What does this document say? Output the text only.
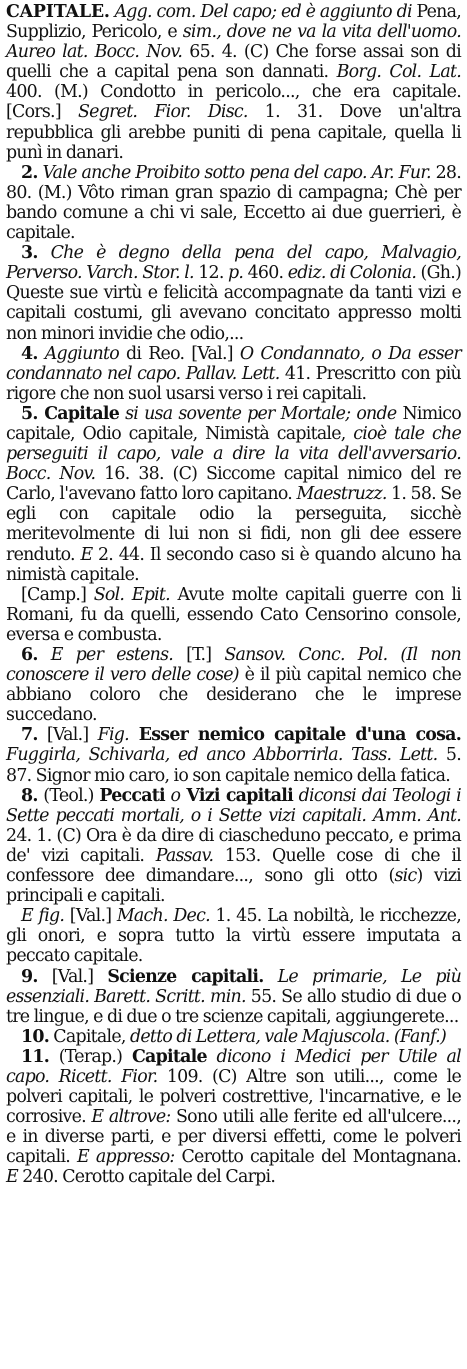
CAPITALE. Agg. com. Del capo; ed è aggiunto di Pena, Supplizio, Pericolo, e sim., dove ne va la vita dell'uomo. Aureo lat. Bocc. Nov. 65. 4. (C) Che forse assai son di quelli che a capital pena son dannati. Borg. Col. Lat. 400. (M.) Condotto in pericolo..., che era capitale. [Cors.] Segret. Fior. Disc. 1. 31. Dove un'altra repubblica gli arebbe puniti di pena capitale, quella li punì in danari.

2. Vale anche Proibito sotto pena del capo. Ar. Fur. 28. 80. (M.) Vôto riman gran spazio di campagna; Chè per bando comune a chi vi sale, Eccetto ai due guerrieri, è capitale.

3. Che è degno della pena del capo, Malvagio, Perverso. Varch. Stor. l. 12. p. 460. ediz. di Colonia. (Gh.) Queste sue virtù e felicità accompagnate da tanti vizi e capitali costumi, gli avevano concitato appresso molti non minori invidie che odio,...

4. Aggiunto di Reo. [Val.] O Condannato, o Da esser condannato nel capo. Pallav. Lett. 41. Prescritto con più rigore che non suol usarsi verso i rei capitali.

5. Capitale si usa sovente per Mortale; onde Nimico capitale, Odio capitale, Nimistà capitale, cioè tale che perseguiti il capo, vale a dire la vita dell'avversario. Bocc. Nov. 16. 38. (C) Siccome capital nimico del re Carlo, l'avevano fatto loro capitano. Maestruzz. 1. 58. Se egli con capitale odio la perseguita, sicchè meritevolmente di lui non si fidi, non gli dee essere renduto. E 2. 44. Il secondo caso si è quando alcuno ha nimistà capitale.

[Camp.] Sol. Epit. Avute molte capitali guerre con li Romani, fu da quelli, essendo Cato Censorino console, eversa e combusta.

6. E per estens. [T.] Sansov. Conc. Pol. (Il non conoscere il vero delle cose) è il più capital nemico che abbiano coloro che desiderano che le imprese succedano.

7. [Val.] Fig. Esser nemico capitale d'una cosa. Fuggirla, Schivarla, ed anco Abborrirla. Tass. Lett. 5. 87. Signor mio caro, io son capitale nemico della fatica.

8. (Teol.) Peccati o Vizi capitali diconsi dai Teologi i Sette peccati mortali, o i Sette vizi capitali. Amm. Ant. 24. 1. (C) Ora è da dire di ciascheduno peccato, e prima de' vizi capitali. Passav. 153. Quelle cose di che il confessore dee dimandare..., sono gli otto (sic) vizi principali e capitali.

E fig. [Val.] Mach. Dec. 1. 45. La nobiltà, le ricchezze, gli onori, e sopra tutto la virtù essere imputata a peccato capitale.

9. [Val.] Scienze capitali. Le primarie, Le più essenziali. Barett. Scritt. min. 55. Se allo studio di due o tre lingue, e di due o tre scienze capitali, aggiungerete...

10. Capitale, detto di Lettera, vale Majuscola. (Fanf.)

11. (Terap.) Capitale dicono i Medici per Utile al capo. Ricett. Fior. 109. (C) Altre son utili..., come le polveri capitali, le polveri costrettive, l'incarnative, e le corrosive. E altrove: Sono utili alle ferite ed all'ulcere..., e in diverse parti, e per diversi effetti, come le polveri capitali. E appresso: Cerotto capitale del Montagnana. E 240. Cerotto capitale del Carpi.
